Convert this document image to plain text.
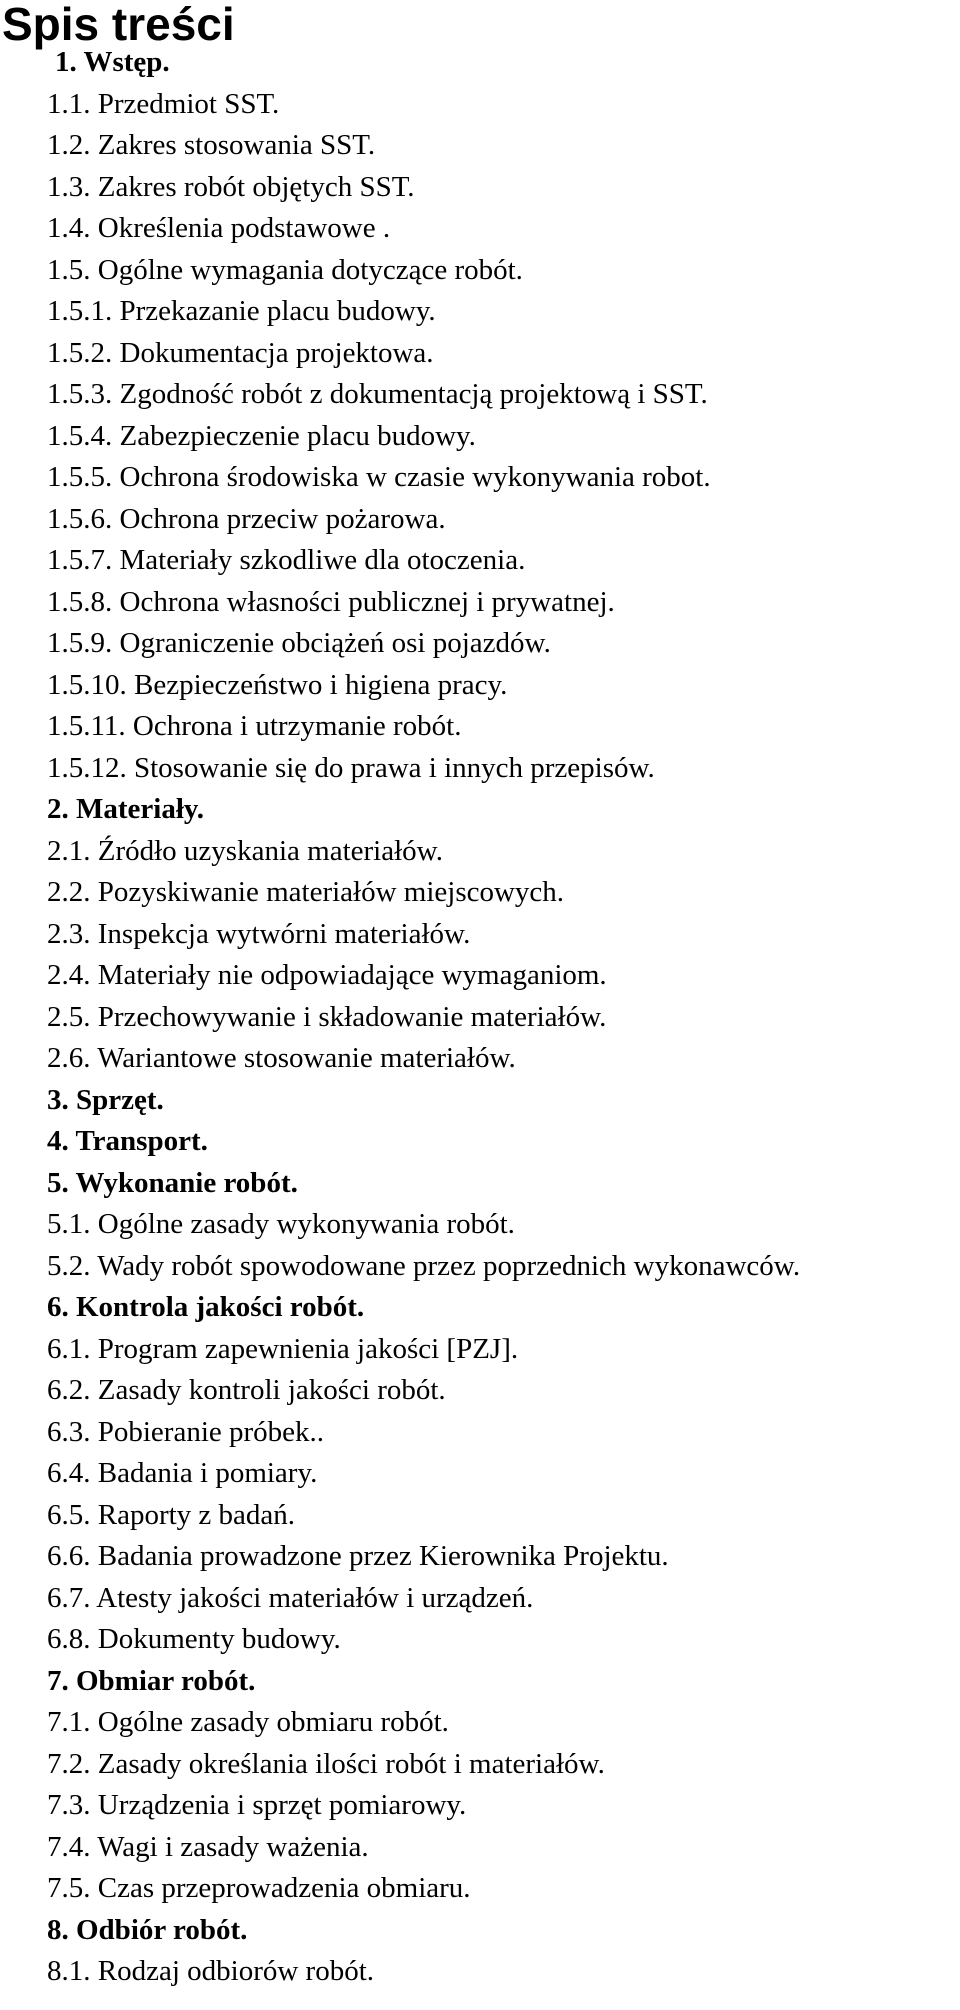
Spis treści
1. Wstęp.
1.1. Przedmiot SST.
1.2. Zakres stosowania SST.
1.3. Zakres robót objętych SST.
1.4. Określenia podstawowe .
1.5. Ogólne wymagania dotyczące robót.
1.5.1. Przekazanie placu budowy.
1.5.2. Dokumentacja projektowa.
1.5.3. Zgodność robót z dokumentacją projektową i SST.
1.5.4. Zabezpieczenie placu budowy.
1.5.5. Ochrona środowiska w czasie wykonywania robot.
1.5.6. Ochrona przeciw pożarowa.
1.5.7. Materiały szkodliwe dla otoczenia.
1.5.8. Ochrona własności publicznej i prywatnej.
1.5.9. Ograniczenie obciążeń osi pojazdów.
1.5.10. Bezpieczeństwo i higiena pracy.
1.5.11. Ochrona i utrzymanie robót.
1.5.12. Stosowanie się do prawa i innych przepisów.
2. Materiały.
2.1. Źródło uzyskania materiałów.
2.2. Pozyskiwanie materiałów miejscowych.
2.3. Inspekcja wytwórni materiałów.
2.4. Materiały nie odpowiadające wymaganiom.
2.5. Przechowywanie i składowanie materiałów.
2.6. Wariantowe stosowanie materiałów.
3. Sprzęt.
4. Transport.
5. Wykonanie robót.
5.1. Ogólne zasady wykonywania robót.
5.2. Wady robót spowodowane przez poprzednich wykonawców.
6. Kontrola jakości robót.
6.1. Program zapewnienia jakości [PZJ].
6.2. Zasady kontroli jakości robót.
6.3. Pobieranie próbek..
6.4. Badania i pomiary.
6.5. Raporty z badań.
6.6. Badania prowadzone przez Kierownika Projektu.
6.7. Atesty jakości materiałów i urządzeń.
6.8. Dokumenty budowy.
7. Obmiar robót.
7.1. Ogólne zasady obmiaru robót.
7.2. Zasady określania ilości robót i materiałów.
7.3. Urządzenia i sprzęt pomiarowy.
7.4. Wagi i zasady ważenia.
7.5. Czas przeprowadzenia obmiaru.
8. Odbiór robót.
8.1. Rodzaj odbiorów robót.
